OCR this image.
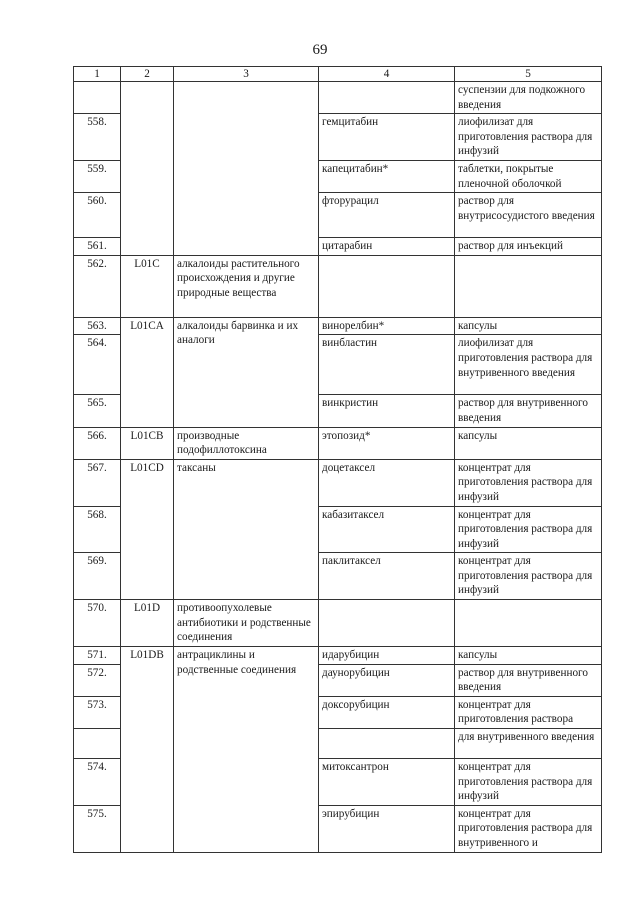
69
1	2	3	4	5
				суспензии для подкожного введения
558.			гемцитабин	лиофилизат для приготовления раствора для инфузий
559.			капецитабин*	таблетки, покрытые пленочной оболочкой
560.			фторурацил	раствор для внутрисосудистого введения
561.			цитарабин	раствор для инъекций
562.	L01C	алкалоиды растительного происхождения и другие природные вещества		
563.	L01CA	алкалоиды барвинка и их аналоги	винорелбин*	капсулы
564.			винбластин	лиофилизат для приготовления раствора для внутривенного введения
565.			винкристин	раствор для внутривенного введения
566.	L01CB	производные подофиллотоксина	этопозид*	капсулы
567.	L01CD	таксаны	доцетаксел	концентрат для приготовления раствора для инфузий
568.			кабазитаксел	концентрат для приготовления раствора для инфузий
569.			паклитаксел	концентрат для приготовления раствора для инфузий
570.	L01D	противоопухолевые антибиотики и родственные соединения		
571.	L01DB	антрациклины и родственные соединения	идарубицин	капсулы
572.			даунорубицин	раствор для внутривенного введения
573.			доксорубицин	концентрат для приготовления раствора
				для внутривенного введения
574.			митоксантрон	концентрат для приготовления раствора для инфузий
575.			эпирубицин	концентрат для приготовления раствора для внутривенного и
